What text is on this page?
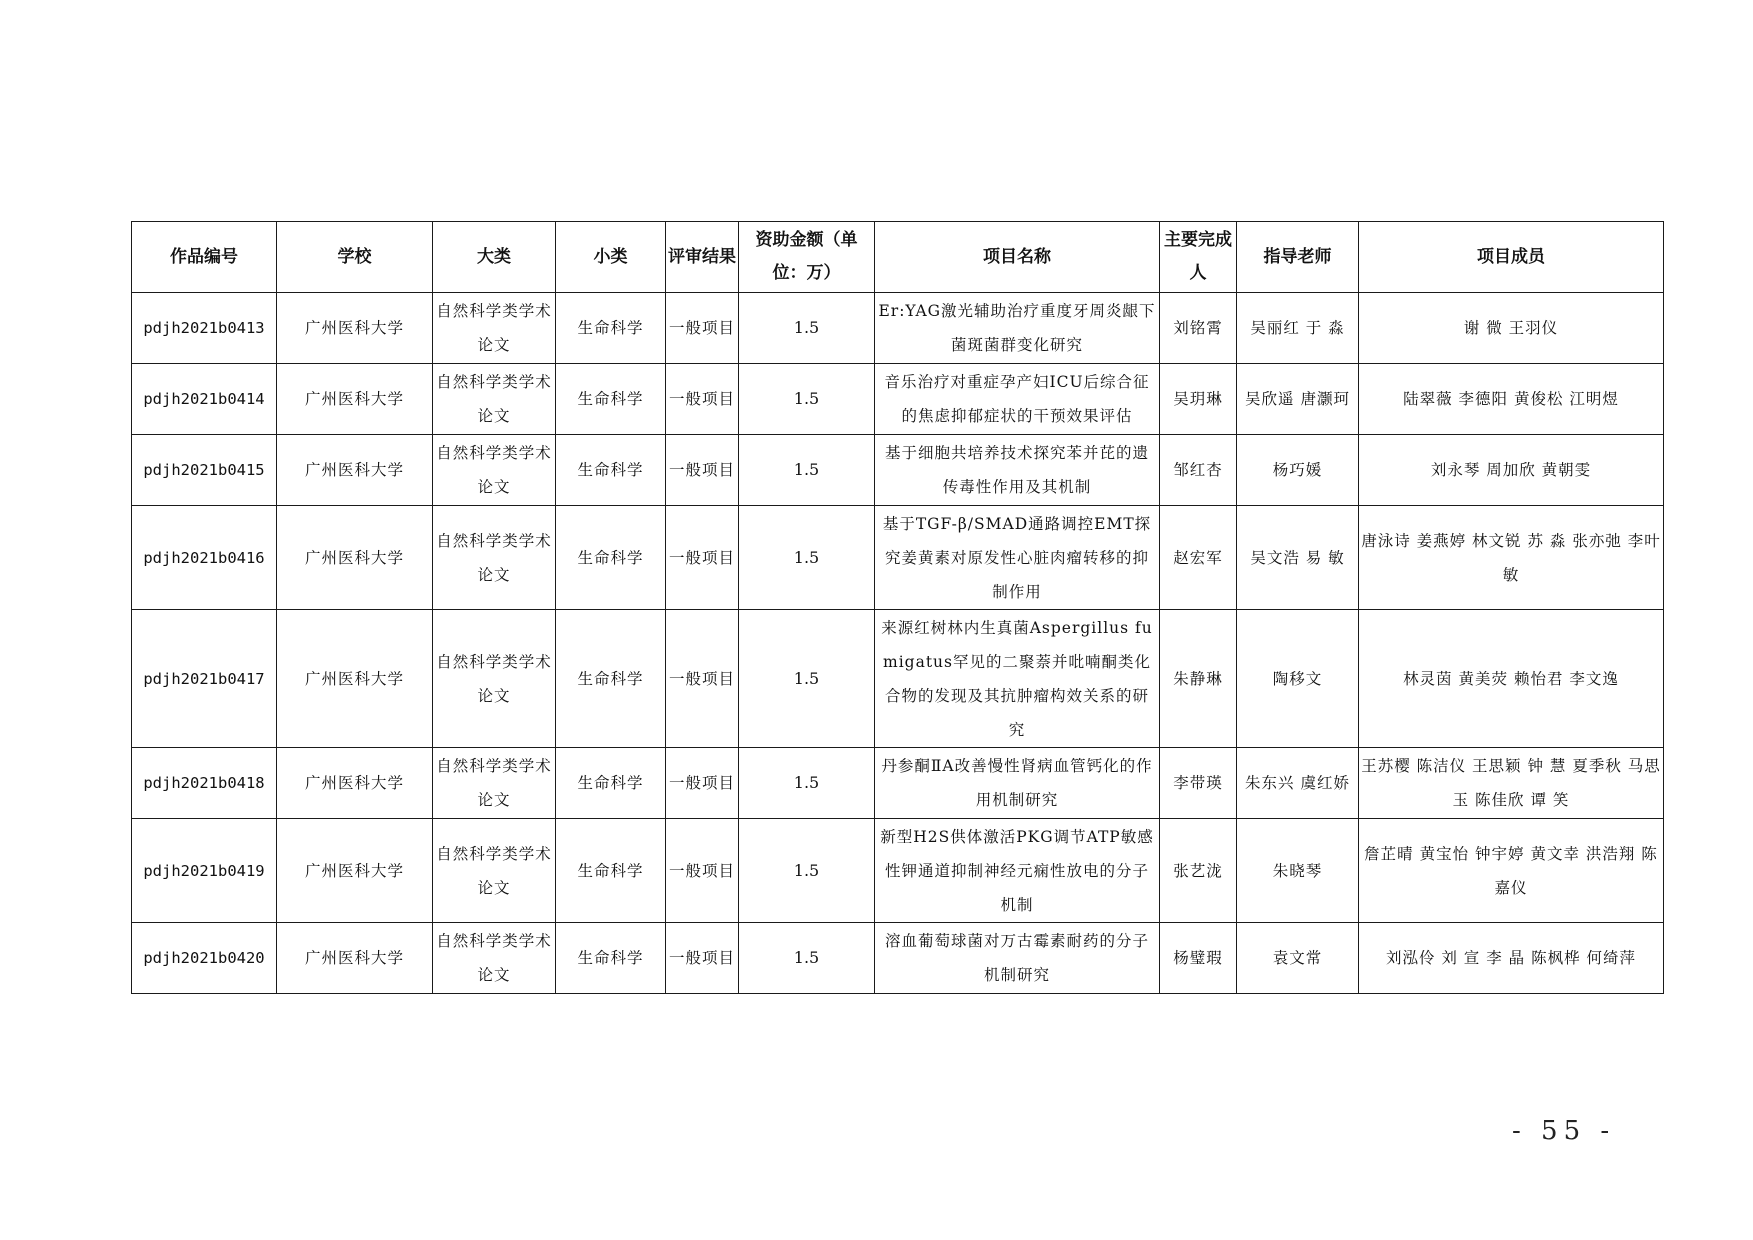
作品编号	学校	大类	小类	评审结果	资助金额（单位：万）	项目名称	主要完成人	指导老师	项目成员
pdjh2021b0413	广州医科大学	自然科学类学术论文	生命科学	一般项目	1.5	Er:YAG激光辅助治疗重度牙周炎龈下菌斑菌群变化研究	刘铭霄	吴丽红 于 淼	谢 微 王羽仪
pdjh2021b0414	广州医科大学	自然科学类学术论文	生命科学	一般项目	1.5	音乐治疗对重症孕产妇ICU后综合征的焦虑抑郁症状的干预效果评估	吴玥琳	吴欣遥 唐灏珂	陆翠薇 李德阳 黄俊松 江明煜
pdjh2021b0415	广州医科大学	自然科学类学术论文	生命科学	一般项目	1.5	基于细胞共培养技术探究苯并芘的遗传毒性作用及其机制	邹红杏	杨巧媛	刘永琴 周加欣 黄朝雯
pdjh2021b0416	广州医科大学	自然科学类学术论文	生命科学	一般项目	1.5	基于TGF-β/SMAD通路调控EMT探究姜黄素对原发性心脏肉瘤转移的抑制作用	赵宏军	吴文浩 易 敏	唐泳诗 姜燕婷 林文锐 苏 淼 张亦弛 李叶敏
pdjh2021b0417	广州医科大学	自然科学类学术论文	生命科学	一般项目	1.5	来源红树林内生真菌Aspergillus fumigatus罕见的二聚萘并吡喃酮类化合物的发现及其抗肿瘤构效关系的研究	朱静琳	陶移文	林灵茵 黄美荧 赖怡君 李文逸
pdjh2021b0418	广州医科大学	自然科学类学术论文	生命科学	一般项目	1.5	丹参酮ⅡA改善慢性肾病血管钙化的作用机制研究	李带瑛	朱东兴 虞红娇	王苏樱 陈洁仪 王思颖 钟 慧 夏季秋 马思玉 陈佳欣 谭 笑
pdjh2021b0419	广州医科大学	自然科学类学术论文	生命科学	一般项目	1.5	新型H2S供体激活PKG调节ATP敏感性钾通道抑制神经元痫性放电的分子机制	张艺泷	朱晓琴	詹芷晴 黄宝怡 钟宇婷 黄文幸 洪浩翔 陈嘉仪
pdjh2021b0420	广州医科大学	自然科学类学术论文	生命科学	一般项目	1.5	溶血葡萄球菌对万古霉素耐药的分子机制研究	杨璧瑕	袁文常	刘泓伶 刘 宣 李 晶 陈枫桦 何绮萍
- 55 -
